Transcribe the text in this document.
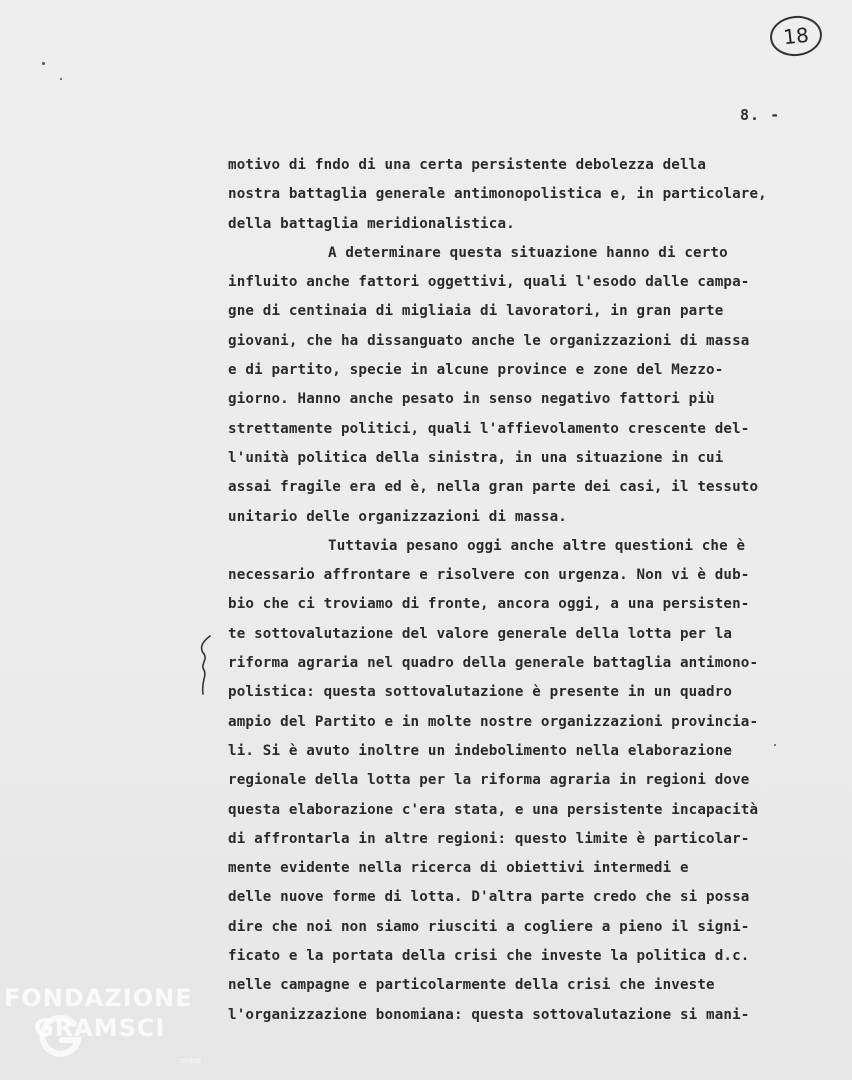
18
8. -
motivo di fndo di una certa persistente debolezza della
nostra battaglia generale antimonopolistica e, in particolare,
della battaglia meridionalistica.
A determinare questa situazione hanno di certo
influito anche fattori oggettivi, quali l'esodo dalle campa-
gne di centinaia di migliaia di lavoratori, in gran parte
giovani, che ha dissanguato anche le organizzazioni di massa
e di partito, specie in alcune province e zone del Mezzo-
giorno. Hanno anche pesato in senso negativo fattori più
strettamente politici, quali l'affievolamento crescente del-
l'unità politica della sinistra, in una situazione in cui
assai fragile era ed è, nella gran parte dei casi, il tessuto
unitario delle organizzazioni di massa.
Tuttavia pesano oggi anche altre questioni che è
necessario affrontare e risolvere con urgenza. Non vi è dub-
bio che ci troviamo di fronte, ancora oggi, a una persisten-
te sottovalutazione del valore generale della lotta per la
riforma agraria nel quadro della generale battaglia antimono-
polistica: questa sottovalutazione è presente in un quadro
ampio del Partito e in molte nostre organizzazioni provincia-
li. Si è avuto inoltre un indebolimento nella elaborazione
regionale della lotta per la riforma agraria in regioni dove
questa elaborazione c'era stata, e una persistente incapacità
di affrontarla in altre regioni: questo limite è particolar-
mente evidente nella ricerca di obiettivi intermedi e
delle nuove forme di lotta. D'altra parte credo che si possa
dire che noi non siamo riusciti a cogliere a pieno il signi-
ficato e la portata della crisi che investe la politica d.c.
nelle campagne e particolarmente della crisi che investe
l'organizzazione bonomiana: questa sottovalutazione si mani-
FONDAZIONE
GRAMSCI
onlus
